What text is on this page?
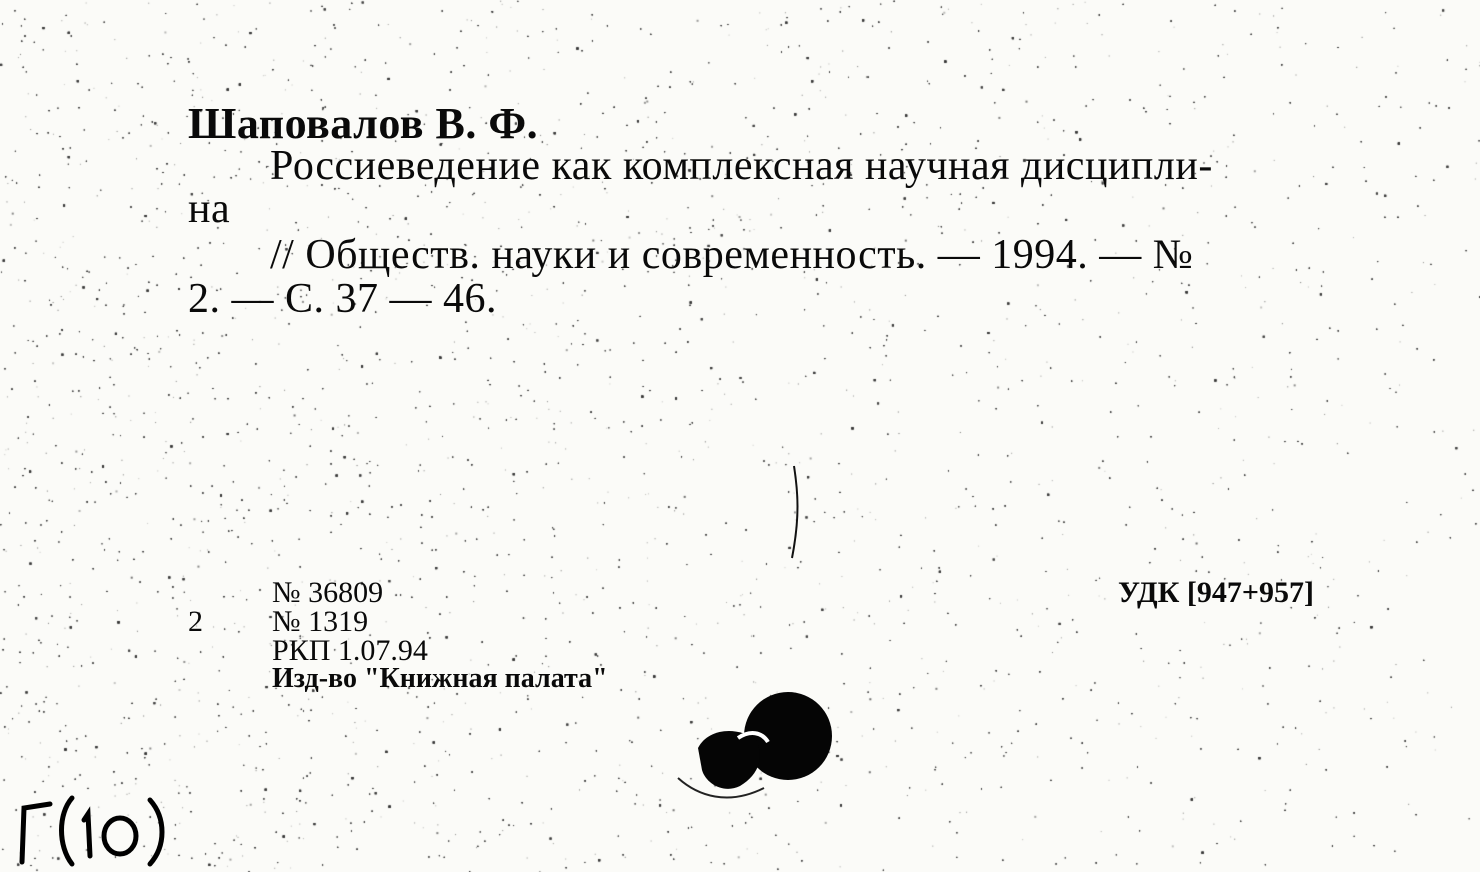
Шаповалов В. Ф.
Россиеведение как комплексная научная дисципли-
на
// Обществ. науки и современность. — 1994. — №
2. — С. 37 — 46.
№ 36809
2 № 1319
РКП 1.07.94
Изд-во "Книжная палата"
УДК [947+957]
